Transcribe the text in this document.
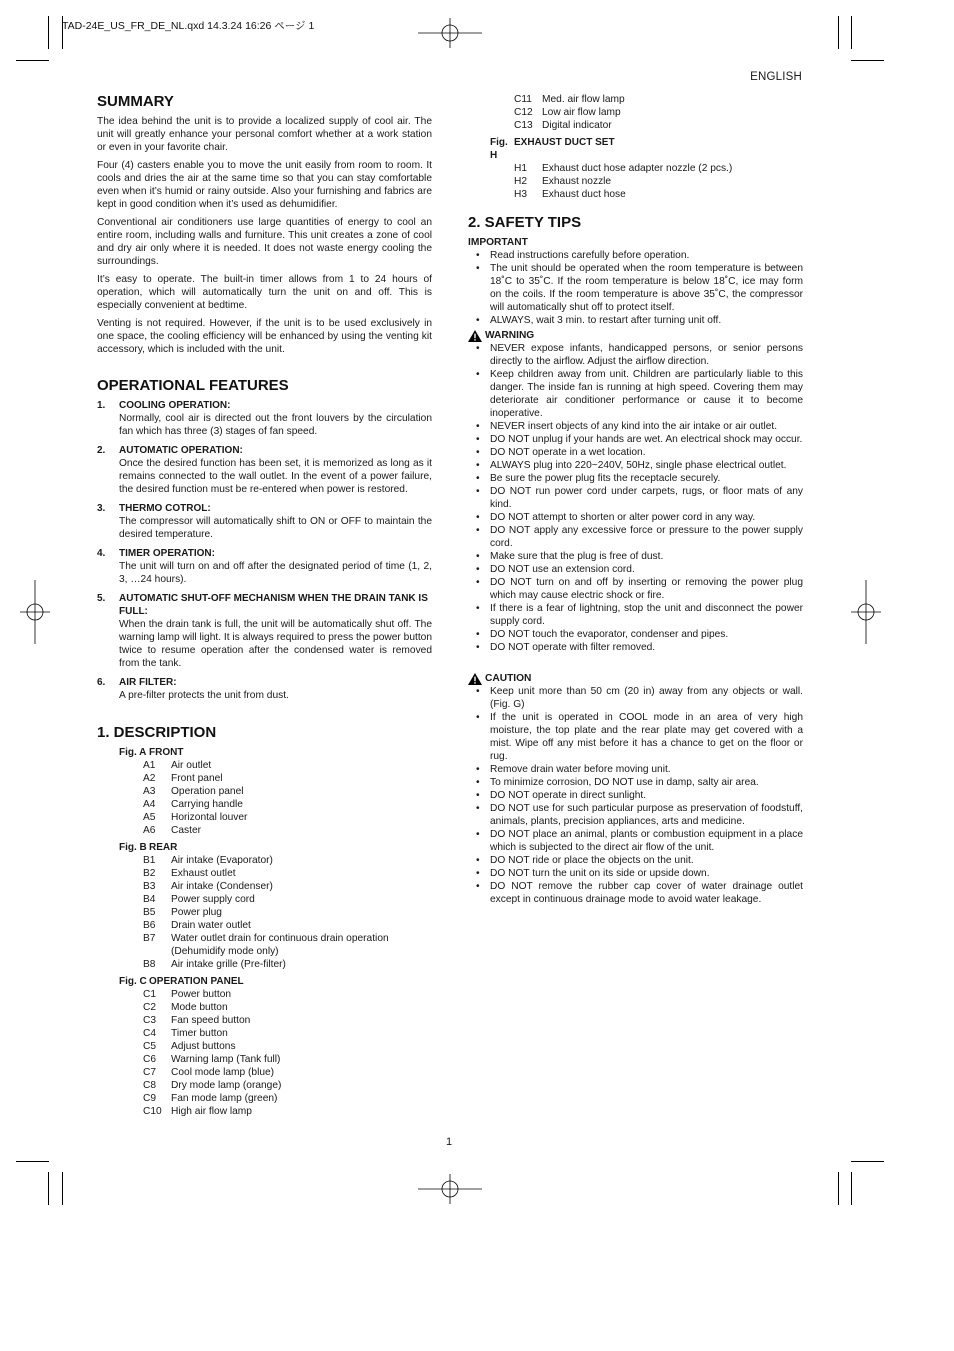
TAD-24E_US_FR_DE_NL.qxd 14.3.24 16:26 ページ 1
ENGLISH
1
SUMMARY

The idea behind the unit is to provide a localized supply of cool air. The unit will greatly enhance your personal comfort whether at a work station or even in your favorite chair.

Four (4) casters enable you to move the unit easily from room to room. It cools and dries the air at the same time so that you can stay comfortable even when it’s humid or rainy outside. Also your furnishing and fabrics are kept in good condition when it’s used as dehumidifier.

Conventional air conditioners use large quantities of energy to cool an entire room, including walls and furniture. This unit creates a zone of cool and dry air only where it is needed. It does not waste energy cooling the surroundings.

It’s easy to operate. The built-in timer allows from 1 to 24 hours of operation, which will automatically turn the unit on and off. This is especially convenient at bedtime.

Venting is not required. However, if the unit is to be used exclusively in one space, the cooling efficiency will be enhanced by using the venting kit accessory, which is included with the unit.

OPERATIONAL FEATURES
1.	COOLING OPERATION:
Normally, cool air is directed out the front louvers by the circulation fan which has three (3) stages of fan speed.
2.	AUTOMATIC OPERATION:
Once the desired function has been set, it is memorized as long as it remains connected to the wall outlet. In the event of a power failure, the desired function must be re-entered when power is restored.
3.	THERMO COTROL:
The compressor will automatically shift to ON or OFF to maintain the desired temperature.
4.	TIMER OPERATION:
The unit will turn on and off after the designated period of time (1, 2, 3, …24 hours).
5.	AUTOMATIC SHUT-OFF MECHANISM WHEN THE DRAIN TANK IS FULL:
When the drain tank is full, the unit will be automatically shut off. The warning lamp will light. It is always required to press the power button twice to resume operation after the condensed water is removed from the tank.
6.	AIR FILTER:
A pre-filter protects the unit from dust.
1. DESCRIPTION
Fig. A FRONT
A1	Air outlet
A2	Front panel
A3	Operation panel
A4	Carrying handle
A5	Horizontal louver
A6	Caster
Fig. B REAR
B1	Air intake (Evaporator)
B2	Exhaust outlet
B3	Air intake (Condenser)
B4	Power supply cord
B5	Power plug
B6	Drain water outlet
B7	Water outlet drain for continuous drain operation (Dehumidify mode only)
B8	Air intake grille (Pre-filter)
Fig. C OPERATION PANEL
C1	Power button
C2	Mode button
C3	Fan speed button
C4	Timer button
C5	Adjust buttons
C6	Warning lamp (Tank full)
C7	Cool mode lamp (blue)
C8	Dry mode lamp (orange)
C9	Fan mode lamp (green)
C10 High air flow lamp
C11 Med. air flow lamp
C12 Low air flow lamp
C13 Digital indicator
Fig. H
EXHAUST DUCT SET
H1	Exhaust duct hose adapter nozzle (2 pcs.)
H2	Exhaust nozzle
H3	Exhaust duct hose
2. SAFETY TIPS
IMPORTANT
•	Read instructions carefully before operation.
•	The unit should be operated when the room temperature is between 18˚C to 35˚C. If the room temperature is below 18˚C, ice may form on the coils. If the room temperature is above 35˚C, the compressor will automatically shut off to protect itself.
•	ALWAYS, wait 3 min. to restart after turning unit off.
WARNING
•	NEVER expose infants, handicapped persons, or senior persons directly to the airflow. Adjust the airflow direction.
•	Keep children away from unit. Children are particularly liable to this danger. The inside fan is running at high speed. Covering them may deteriorate air conditioner performance or cause it to become inoperative.
•	NEVER insert objects of any kind into the air intake or air outlet.
•	DO NOT unplug if your hands are wet. An electrical shock may occur.
•	DO NOT operate in a wet location.
•	ALWAYS plug into 220~240V, 50Hz, single phase electrical outlet.
•	Be sure the power plug fits the receptacle securely.
•	DO NOT run power cord under carpets, rugs, or floor mats of any kind.
•	DO NOT attempt to shorten or alter power cord in any way.
•	DO NOT apply any excessive force or pressure to the power supply cord.
•	Make sure that the plug is free of dust.
•	DO NOT use an extension cord.
•	DO NOT turn on and off by inserting or removing the power plug which may cause electric shock or fire.
•	If there is a fear of lightning, stop the unit and disconnect the power supply cord.
•	DO NOT touch the evaporator, condenser and pipes.
•	DO NOT operate with filter removed.
CAUTION
•	Keep unit more than 50 cm (20 in) away from any objects or wall. (Fig. G)
•	If the unit is operated in COOL mode in an area of very high moisture, the top plate and the rear plate may get covered with a mist. Wipe off any mist before it has a chance to get on the floor or rug.
•	Remove drain water before moving unit.
•	To minimize corrosion, DO NOT use in damp, salty air area.
•	DO NOT operate in direct sunlight.
•	DO NOT use for such particular purpose as preservation of foodstuff, animals, plants, precision appliances, arts and medicine.
•	DO NOT place an animal, plants or combustion equipment in a place which is subjected to the direct air flow of the unit.
•	DO NOT ride or place the objects on the unit.
•	DO NOT turn the unit on its side or upside down.
•	DO NOT remove the rubber cap cover of water drainage outlet except in continuous drainage mode to avoid water leakage.
